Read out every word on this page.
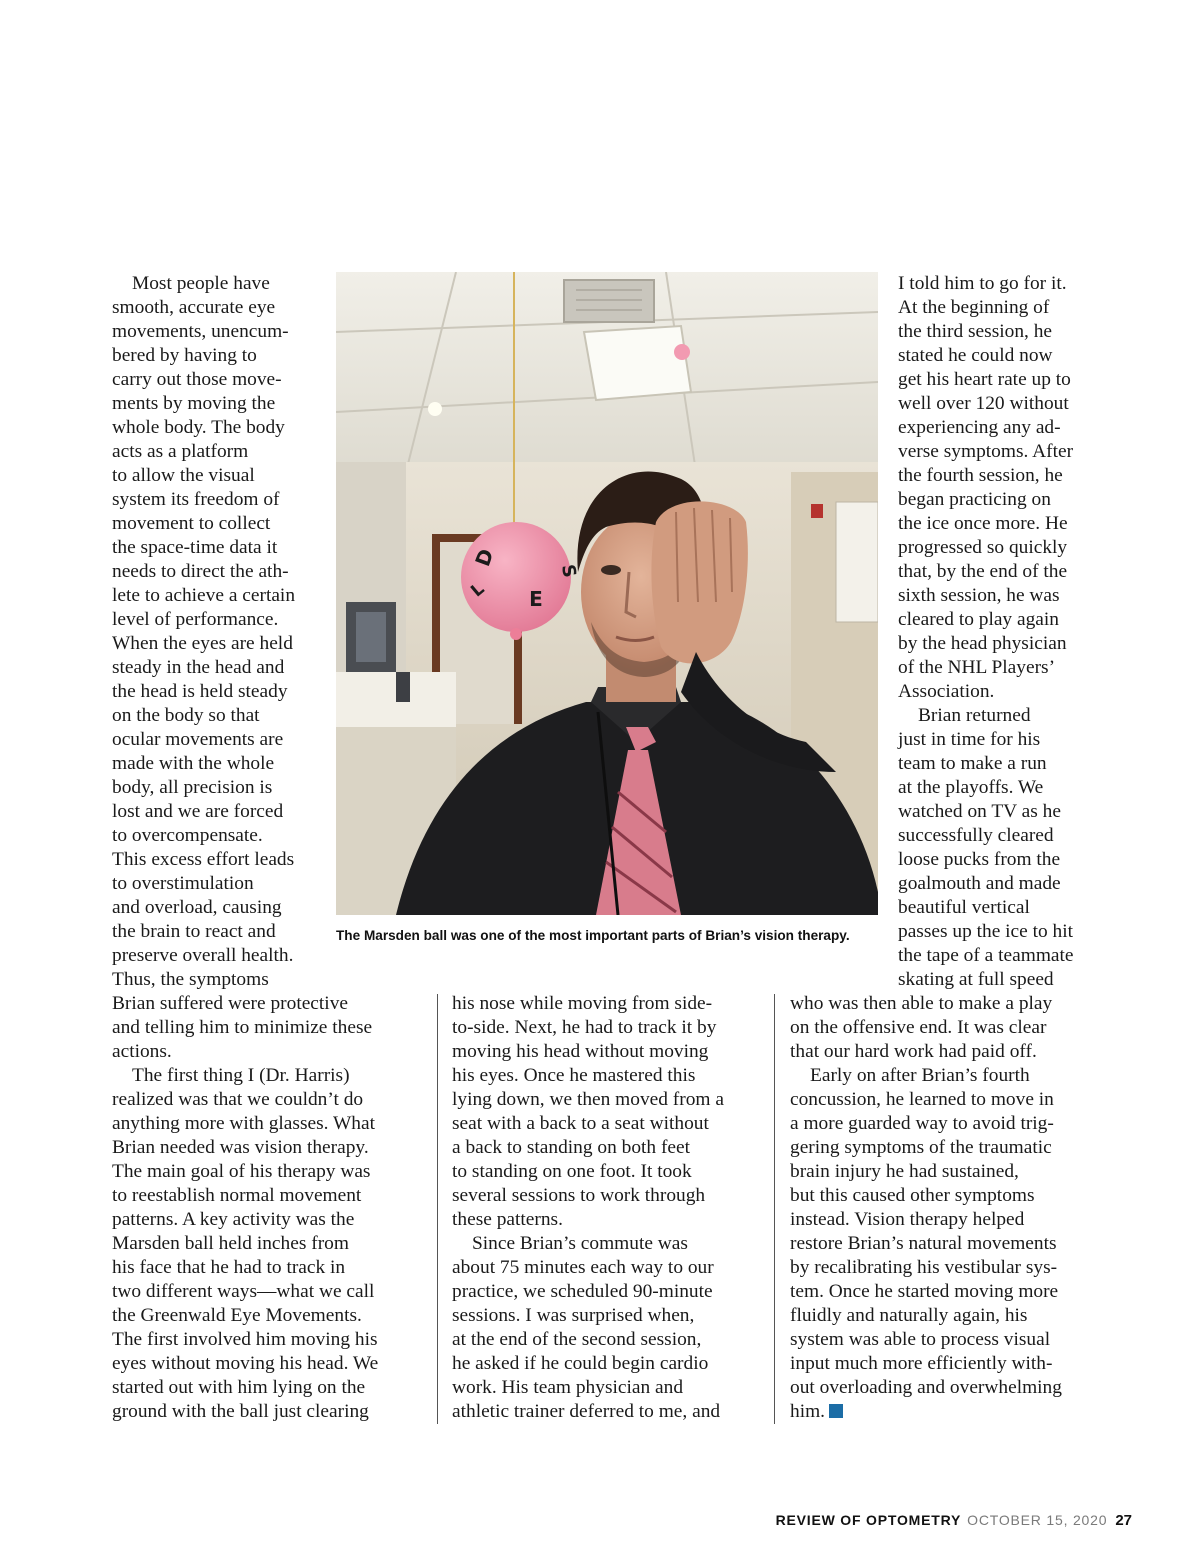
Most people have

smooth, accurate eye

movements, unencum-

bered by having to

carry out those move-

ments by moving the

whole body. The body

acts as a platform

to allow the visual

system its freedom of

movement to collect

the space-time data it

needs to direct the ath-

lete to achieve a certain

level of performance.

When the eyes are held

steady in the head and

the head is held steady

on the body so that

ocular movements are

made with the whole

body, all precision is

lost and we are forced

to overcompensate.

This excess effort leads

to overstimulation

and overload, causing

the brain to react and

preserve overall health.

Thus, the symptoms

Brian suffered were protective

and telling him to minimize these

actions.

The first thing I (Dr. Harris)

realized was that we couldn’t do

anything more with glasses. What

Brian needed was vision therapy.

The main goal of his therapy was

to reestablish normal movement

patterns. A key activity was the

Marsden ball held inches from

his face that he had to track in

two different ways—what we call

the Greenwald Eye Movements.

The first involved him moving his

eyes without moving his head. We

started out with him lying on the

ground with the ball just clearing

his nose while moving from side-

to-side. Next, he had to track it by

moving his head without moving

his eyes. Once he mastered this

lying down, we then moved from a

seat with a back to a seat without

a back to standing on both feet

to standing on one foot. It took

several sessions to work through

these patterns.

Since Brian’s commute was

about 75 minutes each way to our

practice, we scheduled 90-minute

sessions. I was surprised when,

at the end of the second session,

he asked if he could begin cardio

work. His team physician and

athletic trainer deferred to me, and

I told him to go for it.

At the beginning of

the third session, he

stated he could now

get his heart rate up to

well over 120 without

experiencing any ad-

verse symptoms. After

the fourth session, he

began practicing on

the ice once more. He

progressed so quickly

that, by the end of the

sixth session, he was

cleared to play again

by the head physician

of the NHL Players’

Association.

Brian returned

just in time for his

team to make a run

at the playoffs. We

watched on TV as he

successfully cleared

loose pucks from the

goalmouth and made

beautiful vertical

passes up the ice to hit

the tape of a teammate

skating at full speed

who was then able to make a play

on the offensive end. It was clear

that our hard work had paid off.

Early on after Brian’s fourth

concussion, he learned to move in

a more guarded way to avoid trig-

gering symptoms of the traumatic

brain injury he had sustained,

but this caused other symptoms

instead. Vision therapy helped

restore Brian’s natural movements

by recalibrating his vestibular sys-

tem. Once he started moving more

fluidly and naturally again, his

system was able to process visual

input much more efficiently with-

out overloading and overwhelming

him.

D
E
S
L
The Marsden ball was one of the most important parts of Brian’s vision therapy.
REVIEW OF OPTOMETRY OCTOBER 15, 2020 27
